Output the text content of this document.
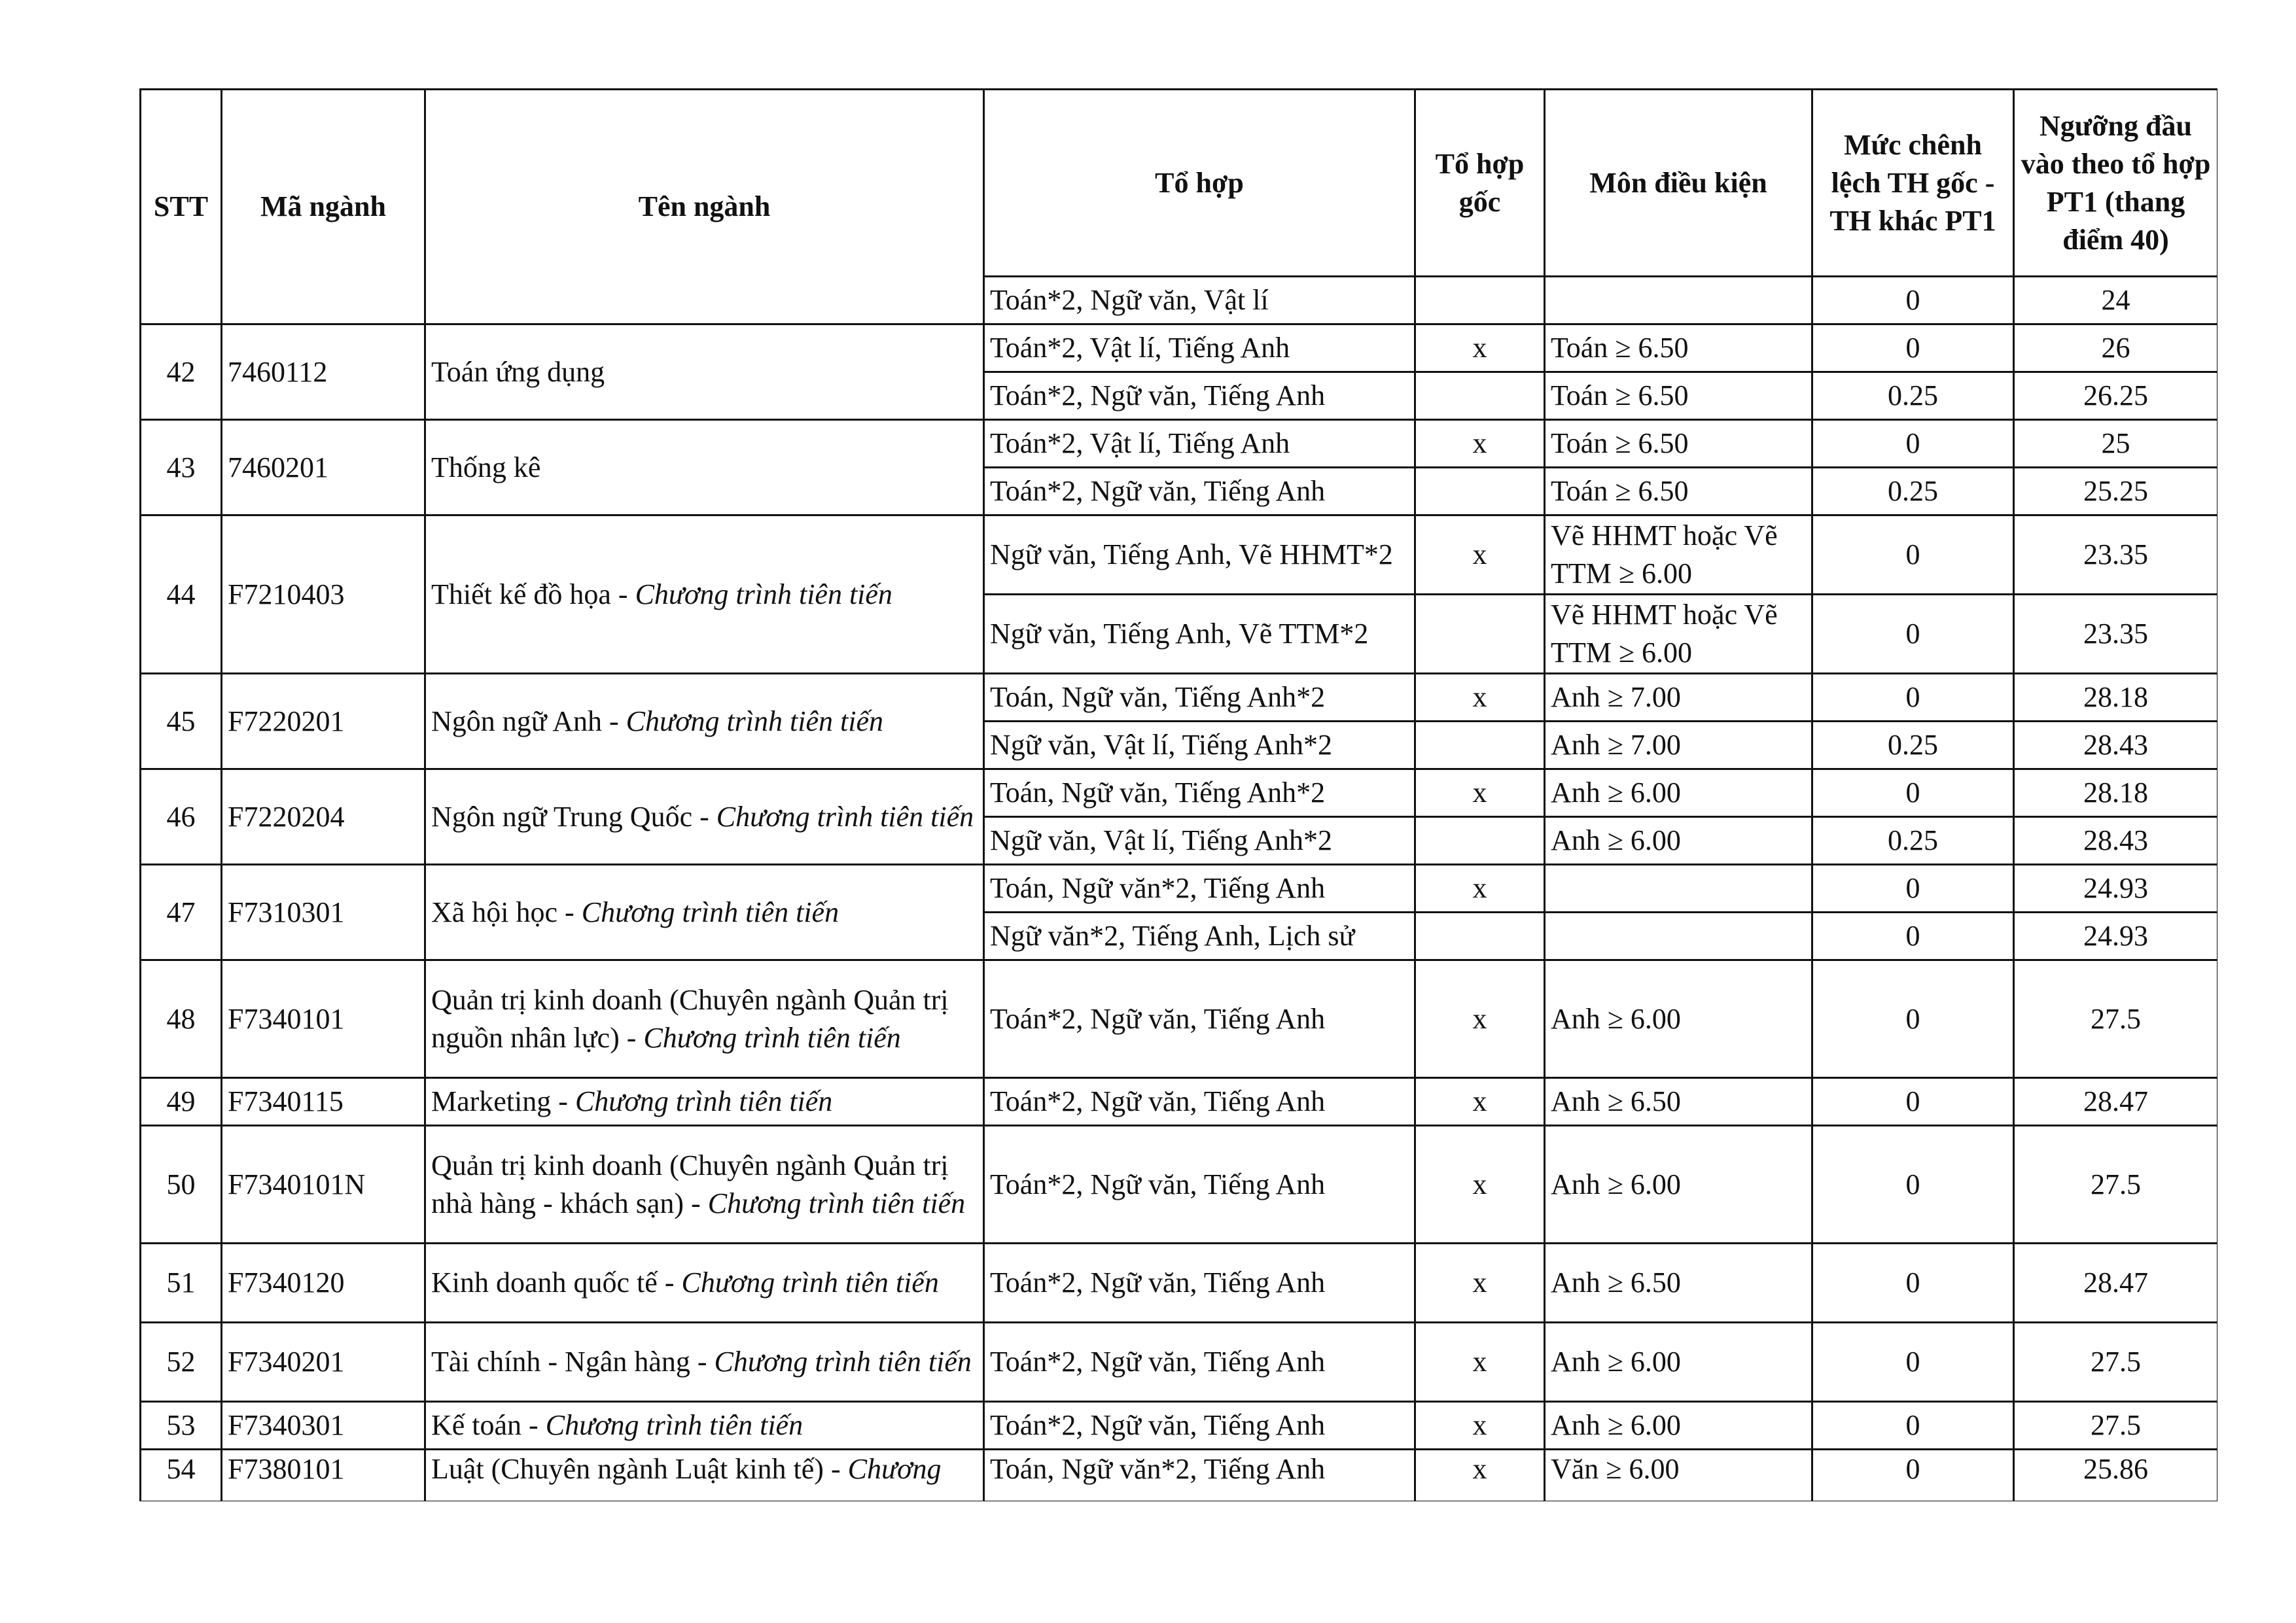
STT	Mã ngành	Tên ngành	Tổ hợp	Tổ hợp gốc	Môn điều kiện	Mức chênh lệch TH gốc - TH khác PT1	Ngưỡng đầu vào theo tổ hợp PT1 (thang điểm 40)
			Toán*2, Ngữ văn, Vật lí			0	24
42	7460112	Toán ứng dụng	Toán*2, Vật lí, Tiếng Anh	x	Toán ≥ 6.50	0	26
			Toán*2, Ngữ văn, Tiếng Anh		Toán ≥ 6.50	0.25	26.25
43	7460201	Thống kê	Toán*2, Vật lí, Tiếng Anh	x	Toán ≥ 6.50	0	25
			Toán*2, Ngữ văn, Tiếng Anh		Toán ≥ 6.50	0.25	25.25
44	F7210403	Thiết kế đồ họa - Chương trình tiên tiến	Ngữ văn, Tiếng Anh, Vẽ HHMT*2	x	Vẽ HHMT hoặc Vẽ TTM ≥ 6.00	0	23.35
			Ngữ văn, Tiếng Anh, Vẽ TTM*2		Vẽ HHMT hoặc Vẽ TTM ≥ 6.00	0	23.35
45	F7220201	Ngôn ngữ Anh - Chương trình tiên tiến	Toán, Ngữ văn, Tiếng Anh*2	x	Anh ≥ 7.00	0	28.18
			Ngữ văn, Vật lí, Tiếng Anh*2		Anh ≥ 7.00	0.25	28.43
46	F7220204	Ngôn ngữ Trung Quốc - Chương trình tiên tiến	Toán, Ngữ văn, Tiếng Anh*2	x	Anh ≥ 6.00	0	28.18
			Ngữ văn, Vật lí, Tiếng Anh*2		Anh ≥ 6.00	0.25	28.43
47	F7310301	Xã hội học - Chương trình tiên tiến	Toán, Ngữ văn*2, Tiếng Anh	x		0	24.93
			Ngữ văn*2, Tiếng Anh, Lịch sử			0	24.93
48	F7340101	Quản trị kinh doanh (Chuyên ngành Quản trị nguồn nhân lực) - Chương trình tiên tiến	Toán*2, Ngữ văn, Tiếng Anh	x	Anh ≥ 6.00	0	27.5
49	F7340115	Marketing - Chương trình tiên tiến	Toán*2, Ngữ văn, Tiếng Anh	x	Anh ≥ 6.50	0	28.47
50	F7340101N	Quản trị kinh doanh (Chuyên ngành Quản trị nhà hàng - khách sạn) - Chương trình tiên tiến	Toán*2, Ngữ văn, Tiếng Anh	x	Anh ≥ 6.00	0	27.5
51	F7340120	Kinh doanh quốc tế - Chương trình tiên tiến	Toán*2, Ngữ văn, Tiếng Anh	x	Anh ≥ 6.50	0	28.47
52	F7340201	Tài chính - Ngân hàng - Chương trình tiên tiến	Toán*2, Ngữ văn, Tiếng Anh	x	Anh ≥ 6.00	0	27.5
53	F7340301	Kế toán - Chương trình tiên tiến	Toán*2, Ngữ văn, Tiếng Anh	x	Anh ≥ 6.00	0	27.5
54	F7380101	Luật (Chuyên ngành Luật kinh tế) - Chương	Toán, Ngữ văn*2, Tiếng Anh	x	Văn ≥ 6.00	0	25.86
